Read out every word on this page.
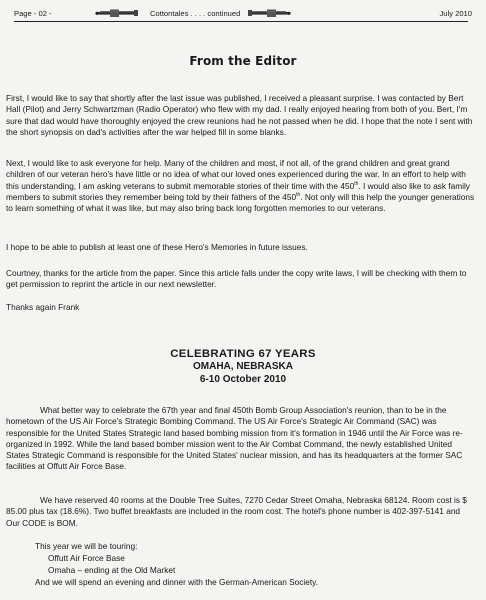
Page - 02 -	Cottontales . . . . continued	July 2010
From the Editor

First, I would like to say that shortly after the last issue was published, I received a pleasant surprise. I was contacted by Bert Hall (Pilot) and Jerry Schwartzman (Radio Operator) who flew with my dad. I really enjoyed hearing from both of you. Bert, I'm sure that dad would have thoroughly enjoyed the crew reunions had he not passed when he did. I hope that the note I sent with the short synopsis on dad's activities after the war helped fill in some blanks.

Next, I would like to ask everyone for help. Many of the children and most, if not all, of the grand children and great grand children of our veteran hero's have little or no idea of what our loved ones experienced during the war. In an effort to help with this understanding, I am asking veterans to submit memorable stories of their time with the 450th. I would also like to ask family members to submit stories they remember being told by their fathers of the 450th. Not only will this help the younger generations to learn something of what it was like, but may also bring back long forgotten memories to our veterans.

I hope to be able to publish at least one of these Hero's Memories in future issues.

Courtney, thanks for the article from the paper. Since this article falls under the copy write laws, I will be checking with them to get permission to reprint the article in our next newsletter.

Thanks again Frank

CELEBRATING 67 YEARS
OMAHA, NEBRASKA
6-10 October 2010

What better way to celebrate the 67th year and final 450th Bomb Group Association's reunion, than to be in the hometown of the US Air Force's Strategic Bombing Command. The US Air Force's Strategic Air Command (SAC) was responsible for the United States Strategic land based bombing mission from it's formation in 1946 until the Air Force was re-organized in 1992. While the land based bomber mission went to the Air Combat Command, the newly established United States Strategic Command is responsible for the United States' nuclear mission, and has its headquarters at the former SAC facilities at Offutt Air Force Base.

We have reserved 40 rooms at the Double Tree Suites, 7270 Cedar Street Omaha, Nebraska 68124. Room cost is $ 85.00 plus tax (18.6%). Two buffet breakfasts are included in the room cost. The hotel's phone number is 402-397-5141 and Our CODE is BOM.

This year we will be touring:
Offutt Air Force Base
Omaha – ending at the Old Market
And we will spend an evening and dinner with the German-American Society.
